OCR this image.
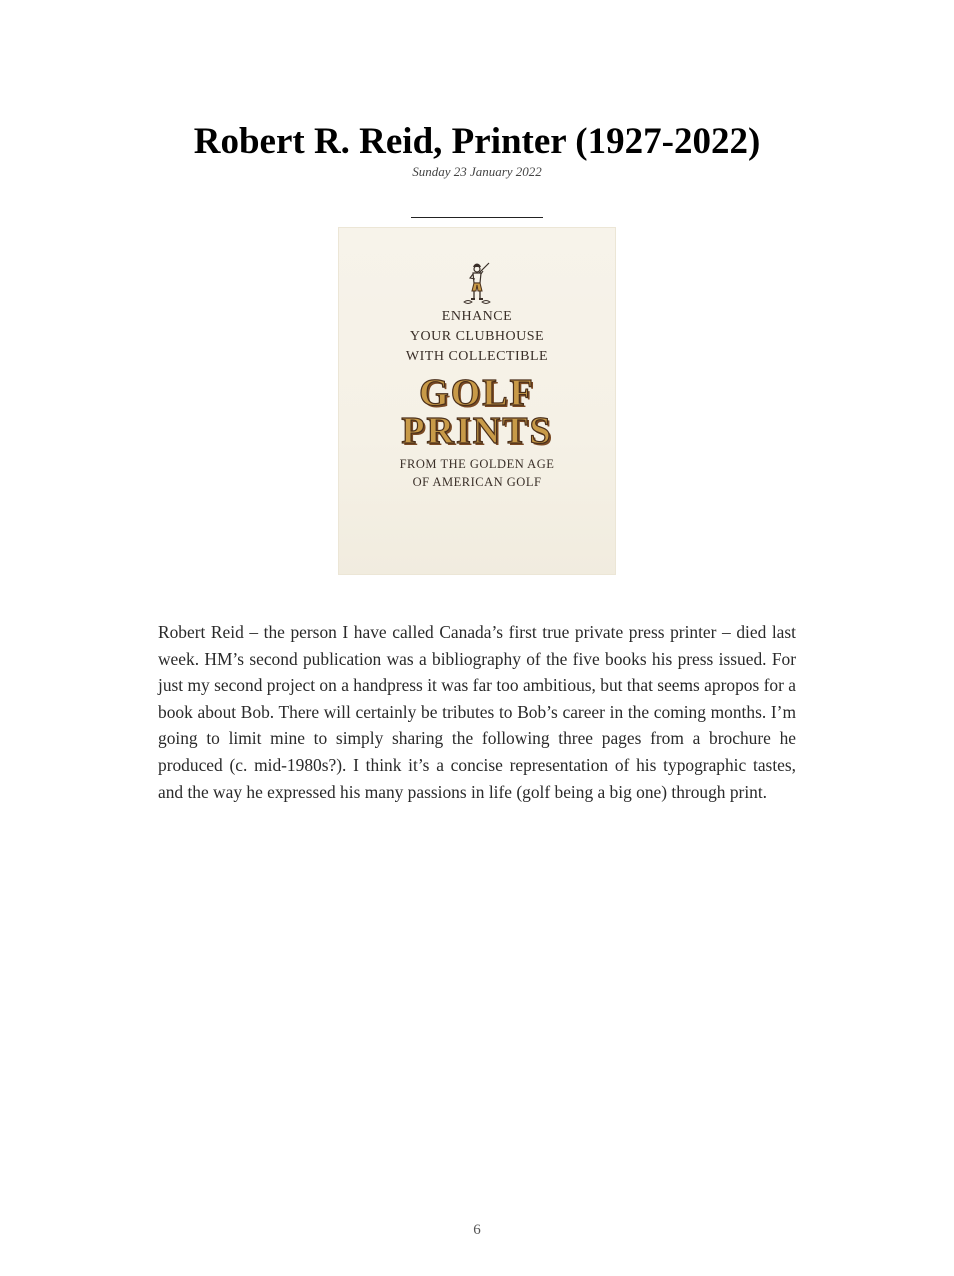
Robert R. Reid, Printer (1927-2022)
Sunday 23 January 2022
ENHANCE
YOUR CLUBHOUSE
WITH COLLECTIBLE
GOLF
PRINTS
FROM THE GOLDEN AGE
OF AMERICAN GOLF

Robert Reid – the person I have called Canada’s first true private press printer – died last week. HM’s second publication was a bibliography of the five books his press issued. For just my second project on a handpress it was far too ambitious, but that seems apropos for a book about Bob. There will certainly be tributes to Bob’s career in the coming months. I’m going to limit mine to simply sharing the following three pages from a brochure he produced (c. mid-1980s?). I think it’s a concise representation of his typographic tastes, and the way he expressed his many passions in life (golf being a big one) through print.

6
